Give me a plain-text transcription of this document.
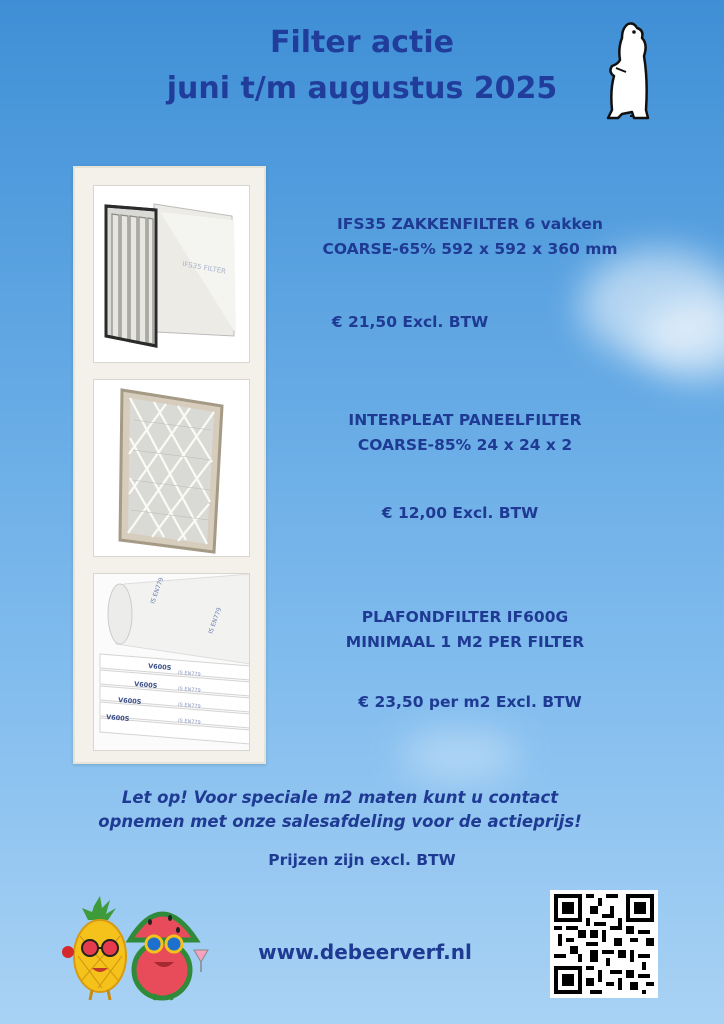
Filter actie
juni t/m augustus 2025
IFS35 FILTER
IS EN779
IS EN779
V600S
V600S
V600S
V600S
IS EN779
IS EN779
IS EN779
IS EN779
IFS35 ZAKKENFILTER 6 vakken
COARSE-65% 592 x 592 x 360 mm
€ 21,50 Excl. BTW
INTERPLEAT PANEELFILTER
COARSE-85% 24 x 24 x 2
€ 12,00 Excl. BTW
PLAFONDFILTER IF600G
MINIMAAL 1 M2 PER FILTER
€ 23,50 per m2 Excl. BTW
Let op! Voor speciale m2 maten kunt u contact
opnemen met onze salesafdeling voor de actieprijs!
Prijzen zijn excl. BTW
www.debeerverf.nl
